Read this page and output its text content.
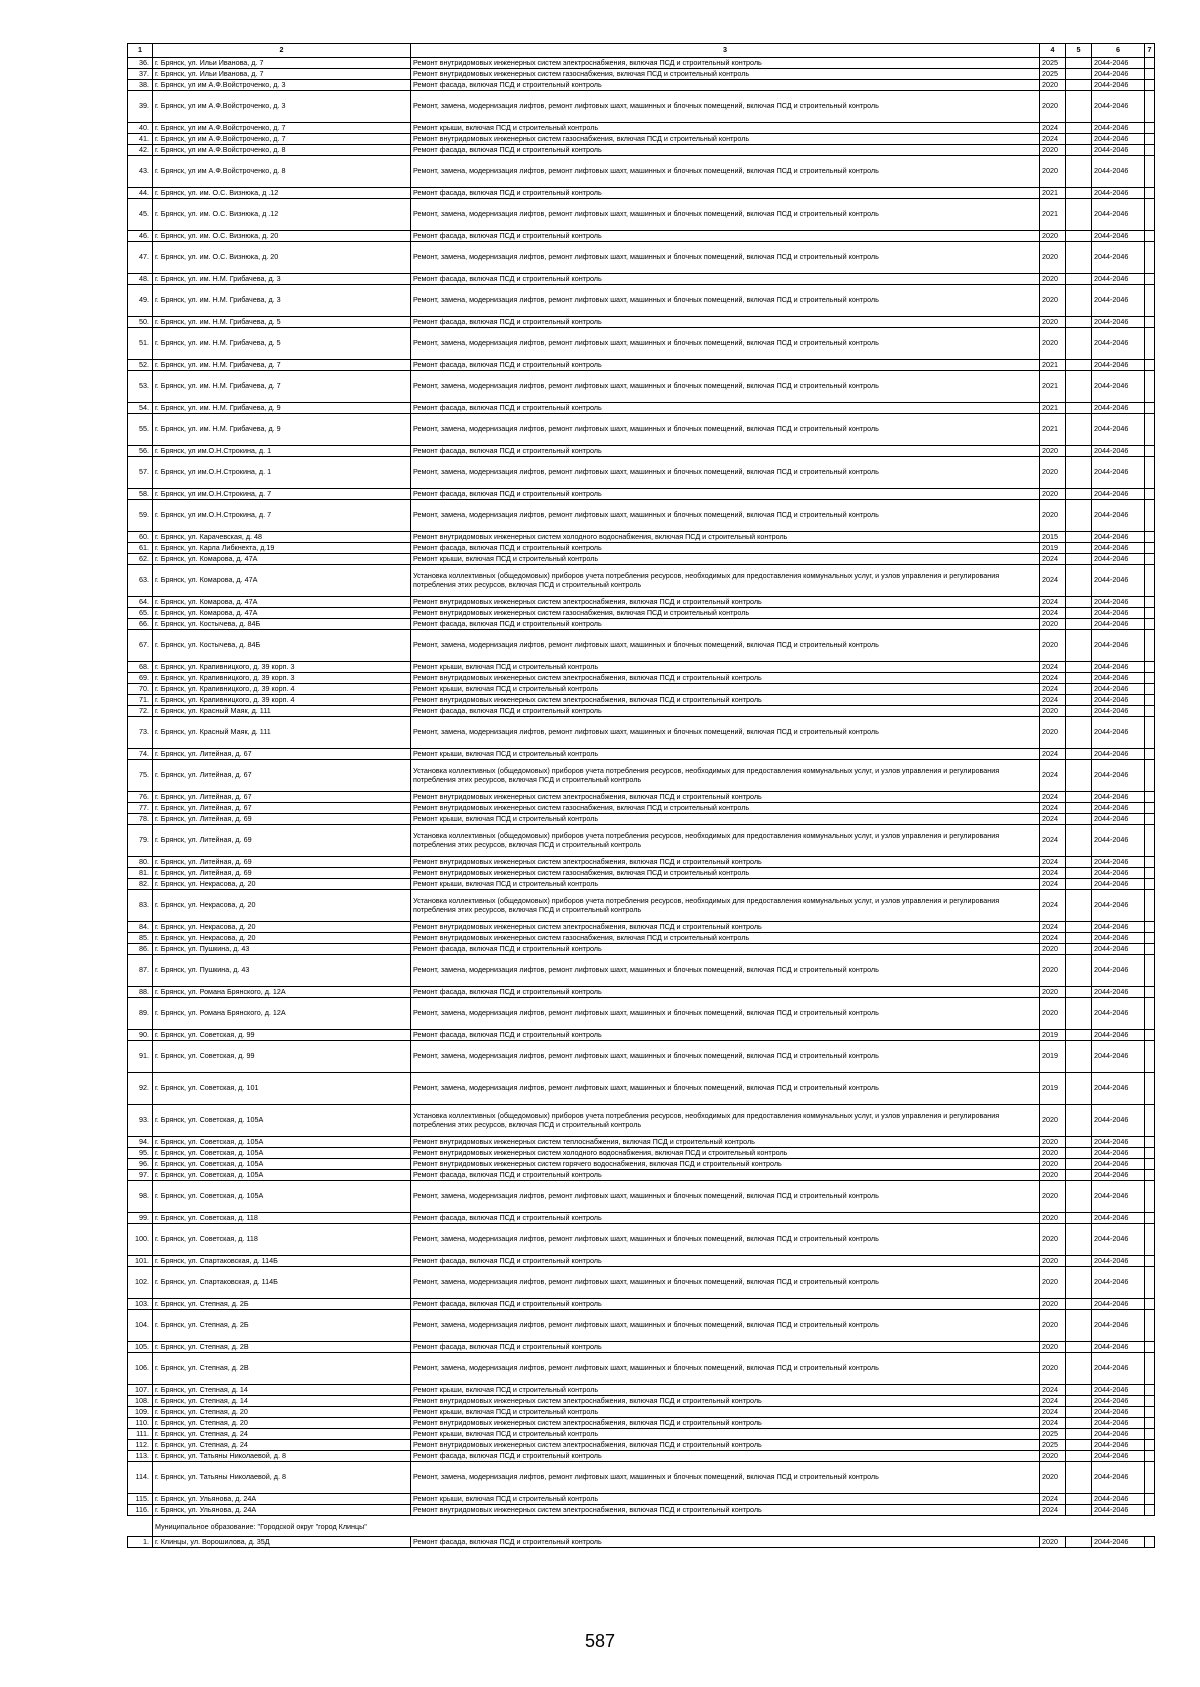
1	2	3	4	5	6	7
36.	г. Брянск, ул. Ильи Иванова, д. 7	Ремонт внутридомовых инженерных систем электроснабжения, включая ПСД и строительный контроль	2025		2044-2046	
37.	г. Брянск, ул. Ильи Иванова, д. 7	Ремонт внутридомовых инженерных систем газоснабжения, включая ПСД и строительный контроль	2025		2044-2046	
38.	г. Брянск, ул им А.Ф.Войстроченко, д. 3	Ремонт фасада, включая ПСД и строительный контроль	2020		2044-2046	
39.	г. Брянск, ул им А.Ф.Войстроченко, д. 3	Ремонт, замена, модернизация лифтов, ремонт лифтовых шахт, машинных и блочных помещений, включая ПСД и строительный контроль	2020		2044-2046	
40.	г. Брянск, ул им А.Ф.Войстроченко, д. 7	Ремонт крыши, включая ПСД и строительный контроль	2024		2044-2046	
41.	г. Брянск, ул им А.Ф.Войстроченко, д. 7	Ремонт внутридомовых инженерных систем газоснабжения, включая ПСД и строительный контроль	2024		2044-2046	
42.	г. Брянск, ул им А.Ф.Войстроченко, д. 8	Ремонт фасада, включая ПСД и строительный контроль	2020		2044-2046	
43.	г. Брянск, ул им А.Ф.Войстроченко, д. 8	Ремонт, замена, модернизация лифтов, ремонт лифтовых шахт, машинных и блочных помещений, включая ПСД и строительный контроль	2020		2044-2046	
44.	г. Брянск, ул. им. О.С. Визнюка, д .12	Ремонт фасада, включая ПСД и строительный контроль	2021		2044-2046	
45.	г. Брянск, ул. им. О.С. Визнюка, д .12	Ремонт, замена, модернизация лифтов, ремонт лифтовых шахт, машинных и блочных помещений, включая ПСД и строительный контроль	2021		2044-2046	
46.	г. Брянск, ул. им. О.С. Визнюка, д. 20	Ремонт фасада, включая ПСД и строительный контроль	2020		2044-2046	
47.	г. Брянск, ул. им. О.С. Визнюка, д. 20	Ремонт, замена, модернизация лифтов, ремонт лифтовых шахт, машинных и блочных помещений, включая ПСД и строительный контроль	2020		2044-2046	
48.	г. Брянск, ул. им. Н.М. Грибачева, д. 3	Ремонт фасада, включая ПСД и строительный контроль	2020		2044-2046	
49.	г. Брянск, ул. им. Н.М. Грибачева, д. 3	Ремонт, замена, модернизация лифтов, ремонт лифтовых шахт, машинных и блочных помещений, включая ПСД и строительный контроль	2020		2044-2046	
50.	г. Брянск, ул. им. Н.М. Грибачева, д. 5	Ремонт фасада, включая ПСД и строительный контроль	2020		2044-2046	
51.	г. Брянск, ул. им. Н.М. Грибачева, д. 5	Ремонт, замена, модернизация лифтов, ремонт лифтовых шахт, машинных и блочных помещений, включая ПСД и строительный контроль	2020		2044-2046	
52.	г. Брянск, ул. им. Н.М. Грибачева, д. 7	Ремонт фасада, включая ПСД и строительный контроль	2021		2044-2046	
53.	г. Брянск, ул. им. Н.М. Грибачева, д. 7	Ремонт, замена, модернизация лифтов, ремонт лифтовых шахт, машинных и блочных помещений, включая ПСД и строительный контроль	2021		2044-2046	
54.	г. Брянск, ул. им. Н.М. Грибачева, д. 9	Ремонт фасада, включая ПСД и строительный контроль	2021		2044-2046	
55.	г. Брянск, ул. им. Н.М. Грибачева, д. 9	Ремонт, замена, модернизация лифтов, ремонт лифтовых шахт, машинных и блочных помещений, включая ПСД и строительный контроль	2021		2044-2046	
56.	г. Брянск, ул им.О.Н.Строкина, д. 1	Ремонт фасада, включая ПСД и строительный контроль	2020		2044-2046	
57.	г. Брянск, ул им.О.Н.Строкина, д. 1	Ремонт, замена, модернизация лифтов, ремонт лифтовых шахт, машинных и блочных помещений, включая ПСД и строительный контроль	2020		2044-2046	
58.	г. Брянск, ул им.О.Н.Строкина, д. 7	Ремонт фасада, включая ПСД и строительный контроль	2020		2044-2046	
59.	г. Брянск, ул им.О.Н.Строкина, д. 7	Ремонт, замена, модернизация лифтов, ремонт лифтовых шахт, машинных и блочных помещений, включая ПСД и строительный контроль	2020		2044-2046	
60.	г. Брянск, ул. Карачевская, д. 48	Ремонт внутридомовых инженерных систем холодного водоснабжения, включая ПСД и строительный контроль	2015		2044-2046	
61.	г. Брянск, ул. Карла Либкнехта, д.19	Ремонт фасада, включая ПСД и строительный контроль	2019		2044-2046	
62.	г. Брянск, ул. Комарова, д. 47А	Ремонт крыши, включая ПСД и строительный контроль	2024		2044-2046	
63.	г. Брянск, ул. Комарова, д. 47А	Установка коллективных (общедомовых) приборов учета потребления ресурсов, необходимых для предоставления коммунальных услуг, и узлов управления и регулирования потребления этих ресурсов, включая ПСД и строительный контроль	2024		2044-2046	
64.	г. Брянск, ул. Комарова, д. 47А	Ремонт внутридомовых инженерных систем электроснабжения, включая ПСД и строительный контроль	2024		2044-2046	
65.	г. Брянск, ул. Комарова, д. 47А	Ремонт внутридомовых инженерных систем газоснабжения, включая ПСД и строительный контроль	2024		2044-2046	
66.	г. Брянск, ул. Костычева, д. 84Б	Ремонт фасада, включая ПСД и строительный контроль	2020		2044-2046	
67.	г. Брянск, ул. Костычева, д. 84Б	Ремонт, замена, модернизация лифтов, ремонт лифтовых шахт, машинных и блочных помещений, включая ПСД и строительный контроль	2020		2044-2046	
68.	г. Брянск, ул. Крапивницкого, д. 39 корп. 3	Ремонт крыши, включая ПСД и строительный контроль	2024		2044-2046	
69.	г. Брянск, ул. Крапивницкого, д. 39 корп. 3	Ремонт внутридомовых инженерных систем электроснабжения, включая ПСД и строительный контроль	2024		2044-2046	
70.	г. Брянск, ул. Крапивницкого, д. 39 корп. 4	Ремонт крыши, включая ПСД и строительный контроль	2024		2044-2046	
71.	г. Брянск, ул. Крапивницкого, д. 39 корп. 4	Ремонт внутридомовых инженерных систем электроснабжения, включая ПСД и строительный контроль	2024		2044-2046	
72.	г. Брянск, ул. Красный Маяк, д. 111	Ремонт фасада, включая ПСД и строительный контроль	2020		2044-2046	
73.	г. Брянск, ул. Красный Маяк, д. 111	Ремонт, замена, модернизация лифтов, ремонт лифтовых шахт, машинных и блочных помещений, включая ПСД и строительный контроль	2020		2044-2046	
74.	г. Брянск, ул. Литейная, д. 67	Ремонт крыши, включая ПСД и строительный контроль	2024		2044-2046	
75.	г. Брянск, ул. Литейная, д. 67	Установка коллективных (общедомовых) приборов учета потребления ресурсов, необходимых для предоставления коммунальных услуг, и узлов управления и регулирования потребления этих ресурсов, включая ПСД и строительный контроль	2024		2044-2046	
76.	г. Брянск, ул. Литейная, д. 67	Ремонт внутридомовых инженерных систем электроснабжения, включая ПСД и строительный контроль	2024		2044-2046	
77.	г. Брянск, ул. Литейная, д. 67	Ремонт внутридомовых инженерных систем газоснабжения, включая ПСД и строительный контроль	2024		2044-2046	
78.	г. Брянск, ул. Литейная, д. 69	Ремонт крыши, включая ПСД и строительный контроль	2024		2044-2046	
79.	г. Брянск, ул. Литейная, д. 69	Установка коллективных (общедомовых) приборов учета потребления ресурсов, необходимых для предоставления коммунальных услуг, и узлов управления и регулирования потребления этих ресурсов, включая ПСД и строительный контроль	2024		2044-2046	
80.	г. Брянск, ул. Литейная, д. 69	Ремонт внутридомовых инженерных систем электроснабжения, включая ПСД и строительный контроль	2024		2044-2046	
81.	г. Брянск, ул. Литейная, д. 69	Ремонт внутридомовых инженерных систем газоснабжения, включая ПСД и строительный контроль	2024		2044-2046	
82.	г. Брянск, ул. Некрасова, д. 20	Ремонт крыши, включая ПСД и строительный контроль	2024		2044-2046	
83.	г. Брянск, ул. Некрасова, д. 20	Установка коллективных (общедомовых) приборов учета потребления ресурсов, необходимых для предоставления коммунальных услуг, и узлов управления и регулирования потребления этих ресурсов, включая ПСД и строительный контроль	2024		2044-2046	
84.	г. Брянск, ул. Некрасова, д. 20	Ремонт внутридомовых инженерных систем электроснабжения, включая ПСД и строительный контроль	2024		2044-2046	
85.	г. Брянск, ул. Некрасова, д. 20	Ремонт внутридомовых инженерных систем газоснабжения, включая ПСД и строительный контроль	2024		2044-2046	
86.	г. Брянск, ул. Пушкина, д. 43	Ремонт фасада, включая ПСД и строительный контроль	2020		2044-2046	
87.	г. Брянск, ул. Пушкина, д. 43	Ремонт, замена, модернизация лифтов, ремонт лифтовых шахт, машинных и блочных помещений, включая ПСД и строительный контроль	2020		2044-2046	
88.	г. Брянск, ул. Романа Брянского, д. 12А	Ремонт фасада, включая ПСД и строительный контроль	2020		2044-2046	
89.	г. Брянск, ул. Романа Брянского, д. 12А	Ремонт, замена, модернизация лифтов, ремонт лифтовых шахт, машинных и блочных помещений, включая ПСД и строительный контроль	2020		2044-2046	
90.	г. Брянск, ул. Советская, д. 99	Ремонт фасада, включая ПСД и строительный контроль	2019		2044-2046	
91.	г. Брянск, ул. Советская, д. 99	Ремонт, замена, модернизация лифтов, ремонт лифтовых шахт, машинных и блочных помещений, включая ПСД и строительный контроль	2019		2044-2046	
92.	г. Брянск, ул. Советская, д. 101	Ремонт, замена, модернизация лифтов, ремонт лифтовых шахт, машинных и блочных помещений, включая ПСД и строительный контроль	2019		2044-2046	
93.	г. Брянск, ул. Советская, д. 105А	Установка коллективных (общедомовых) приборов учета потребления ресурсов, необходимых для предоставления коммунальных услуг, и узлов управления и регулирования потребления этих ресурсов, включая ПСД и строительный контроль	2020		2044-2046	
94.	г. Брянск, ул. Советская, д. 105А	Ремонт внутридомовых инженерных систем теплоснабжения, включая ПСД и строительный контроль	2020		2044-2046	
95.	г. Брянск, ул. Советская, д. 105А	Ремонт внутридомовых инженерных систем холодного водоснабжения, включая ПСД и строительный контроль	2020		2044-2046	
96.	г. Брянск, ул. Советская, д. 105А	Ремонт внутридомовых инженерных систем горячего водоснабжения, включая ПСД и строительный контроль	2020		2044-2046	
97.	г. Брянск, ул. Советская, д. 105А	Ремонт фасада, включая ПСД и строительный контроль	2020		2044-2046	
98.	г. Брянск, ул. Советская, д. 105А	Ремонт, замена, модернизация лифтов, ремонт лифтовых шахт, машинных и блочных помещений, включая ПСД и строительный контроль	2020		2044-2046	
99.	г. Брянск, ул. Советская, д. 118	Ремонт фасада, включая ПСД и строительный контроль	2020		2044-2046	
100.	г. Брянск, ул. Советская, д. 118	Ремонт, замена, модернизация лифтов, ремонт лифтовых шахт, машинных и блочных помещений, включая ПСД и строительный контроль	2020		2044-2046	
101.	г. Брянск, ул. Спартаковская, д. 114Б	Ремонт фасада, включая ПСД и строительный контроль	2020		2044-2046	
102.	г. Брянск, ул. Спартаковская, д. 114Б	Ремонт, замена, модернизация лифтов, ремонт лифтовых шахт, машинных и блочных помещений, включая ПСД и строительный контроль	2020		2044-2046	
103.	г. Брянск, ул. Степная, д. 2Б	Ремонт фасада, включая ПСД и строительный контроль	2020		2044-2046	
104.	г. Брянск, ул. Степная, д. 2Б	Ремонт, замена, модернизация лифтов, ремонт лифтовых шахт, машинных и блочных помещений, включая ПСД и строительный контроль	2020		2044-2046	
105.	г. Брянск, ул. Степная, д. 2В	Ремонт фасада, включая ПСД и строительный контроль	2020		2044-2046	
106.	г. Брянск, ул. Степная, д. 2В	Ремонт, замена, модернизация лифтов, ремонт лифтовых шахт, машинных и блочных помещений, включая ПСД и строительный контроль	2020		2044-2046	
107.	г. Брянск, ул. Степная, д. 14	Ремонт крыши, включая ПСД и строительный контроль	2024		2044-2046	
108.	г. Брянск, ул. Степная, д. 14	Ремонт внутридомовых инженерных систем электроснабжения, включая ПСД и строительный контроль	2024		2044-2046	
109.	г. Брянск, ул. Степная, д. 20	Ремонт крыши, включая ПСД и строительный контроль	2024		2044-2046	
110.	г. Брянск, ул. Степная, д. 20	Ремонт внутридомовых инженерных систем электроснабжения, включая ПСД и строительный контроль	2024		2044-2046	
111.	г. Брянск, ул. Степная, д. 24	Ремонт крыши, включая ПСД и строительный контроль	2025		2044-2046	
112.	г. Брянск, ул. Степная, д. 24	Ремонт внутридомовых инженерных систем электроснабжения, включая ПСД и строительный контроль	2025		2044-2046	
113.	г. Брянск, ул. Татьяны Николаевой, д. 8	Ремонт фасада, включая ПСД и строительный контроль	2020		2044-2046	
114.	г. Брянск, ул. Татьяны Николаевой, д. 8	Ремонт, замена, модернизация лифтов, ремонт лифтовых шахт, машинных и блочных помещений, включая ПСД и строительный контроль	2020		2044-2046	
115.	г. Брянск, ул. Ульянова, д. 24А	Ремонт крыши, включая ПСД и строительный контроль	2024		2044-2046	
116.	г. Брянск, ул. Ульянова, д. 24А	Ремонт внутридомовых инженерных систем электроснабжения, включая ПСД и строительный контроль	2024		2044-2046	
	Муниципальное образование: "Городской округ "город Клинцы"					
1.	г. Клинцы, ул. Ворошилова, д. 35Д	Ремонт фасада, включая ПСД и строительный контроль	2020		2044-2046	
587
